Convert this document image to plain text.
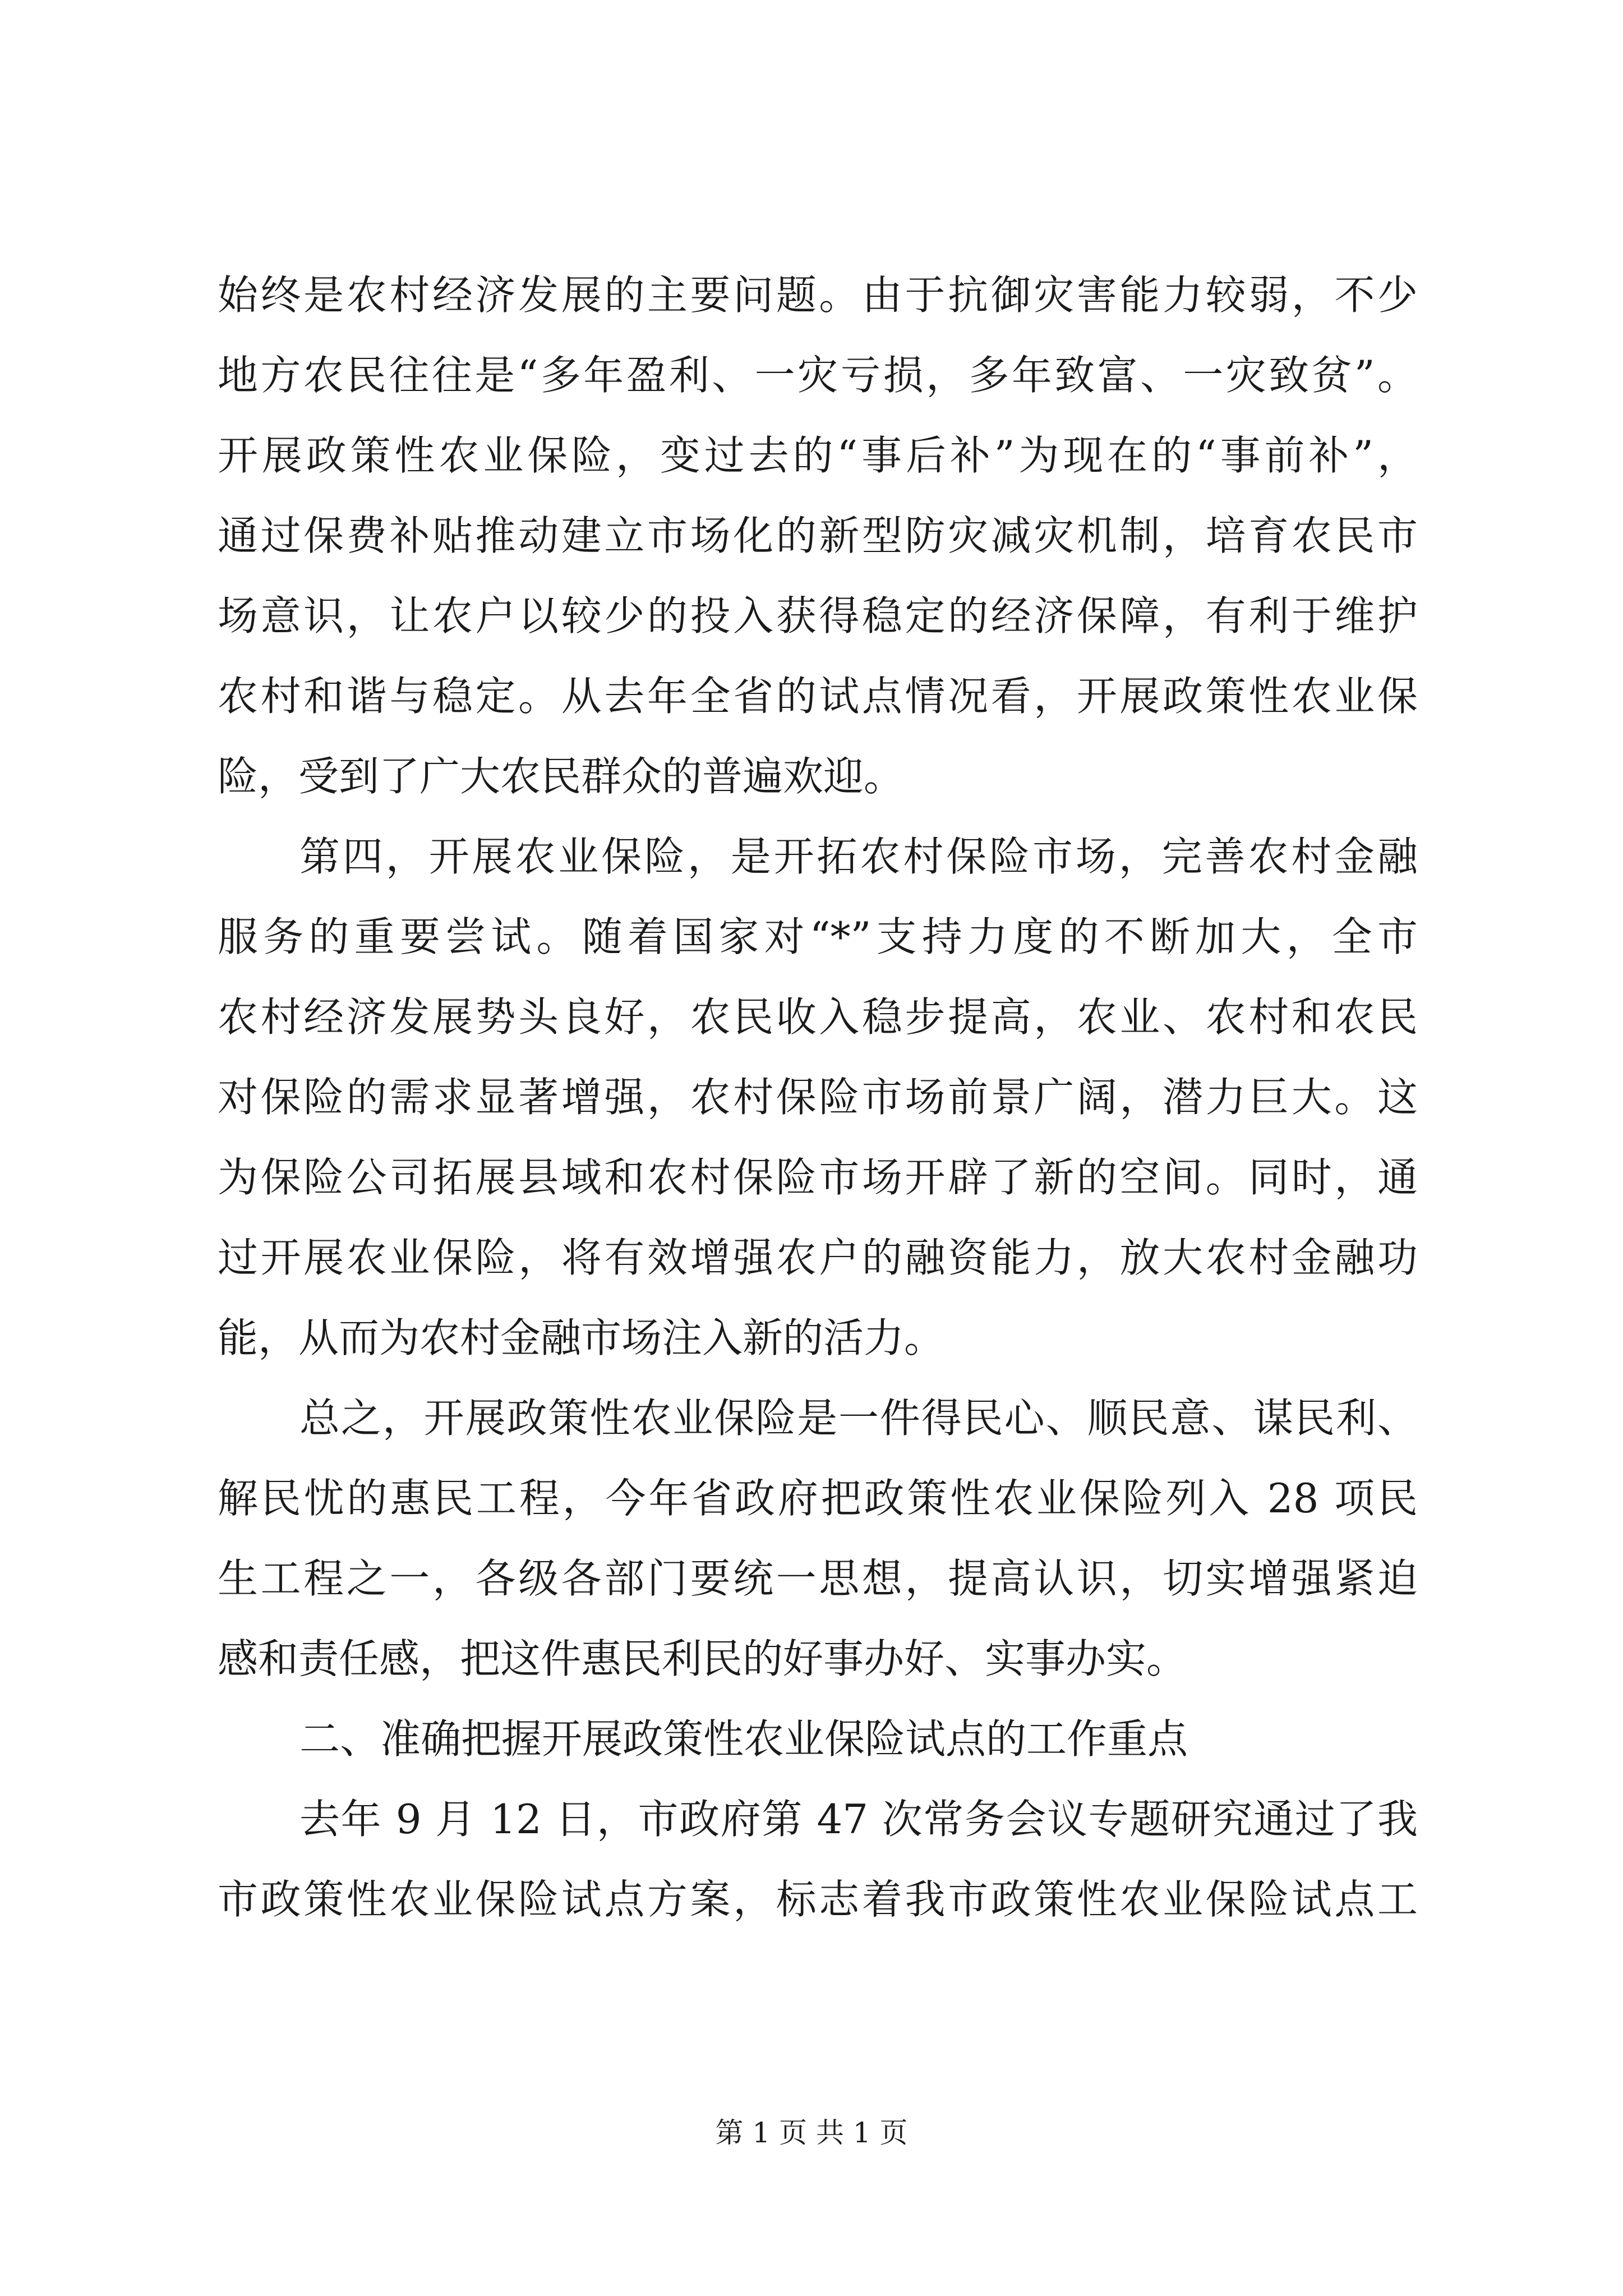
始终是农村经济发展的主要问题。由于抗御灾害能力较弱，不少
地方农民往往是“多年盈利、一灾亏损，多年致富、一灾致贫”。
开展政策性农业保险，变过去的“事后补”为现在的“事前补”，
通过保费补贴推动建立市场化的新型防灾减灾机制，培育农民市
场意识，让农户以较少的投入获得稳定的经济保障，有利于维护
农村和谐与稳定。从去年全省的试点情况看，开展政策性农业保
险，受到了广大农民群众的普遍欢迎。
第四，开展农业保险，是开拓农村保险市场，完善农村金融
服务的重要尝试。随着国家对“*”支持力度的不断加大，全市
农村经济发展势头良好，农民收入稳步提高，农业、农村和农民
对保险的需求显著增强，农村保险市场前景广阔，潜力巨大。这
为保险公司拓展县域和农村保险市场开辟了新的空间。同时，通
过开展农业保险，将有效增强农户的融资能力，放大农村金融功
能，从而为农村金融市场注入新的活力。
总之，开展政策性农业保险是一件得民心、顺民意、谋民利、
解民忧的惠民工程，今年省政府把政策性农业保险列入 28 项民
生工程之一，各级各部门要统一思想，提高认识，切实增强紧迫
感和责任感，把这件惠民利民的好事办好、实事办实。
二、准确把握开展政策性农业保险试点的工作重点
去年 9 月 12 日，市政府第 47 次常务会议专题研究通过了我
市政策性农业保险试点方案，标志着我市政策性农业保险试点工
第 1 页 共 1 页
